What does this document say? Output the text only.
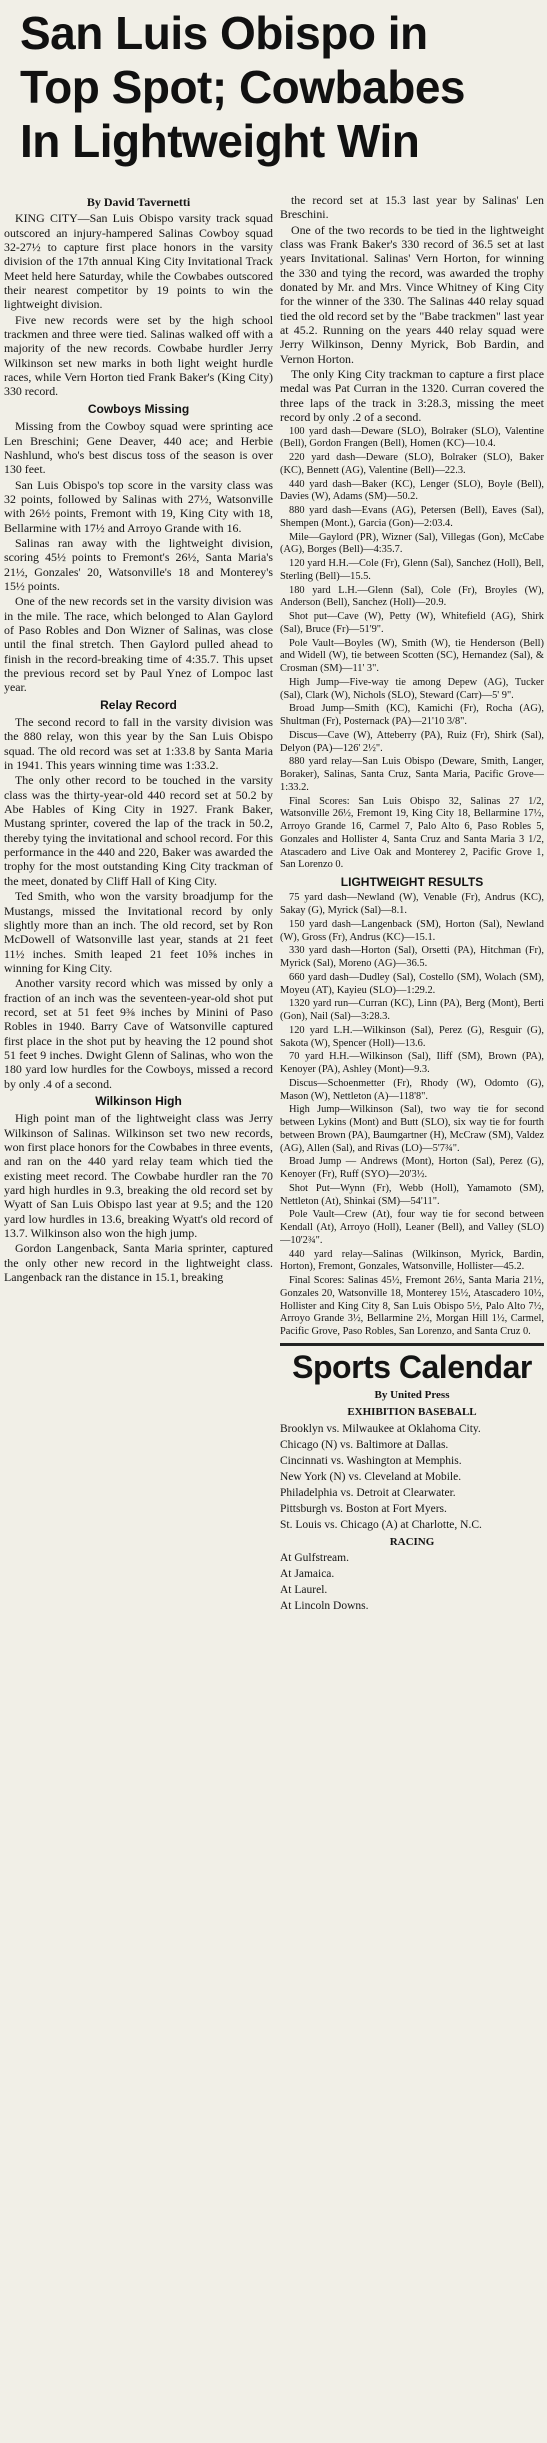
San Luis Obispo in
Top Spot; Cowbabes
In Lightweight Win
By David Tavernetti

KING CITY—San Luis Obispo varsity track squad outscored an injury-hampered Salinas Cowboy squad 32-27½ to capture first place honors in the varsity division of the 17th annual King City Invitational Track Meet held here Saturday, while the Cowbabes outscored their nearest competitor by 19 points to win the lightweight division.

Five new records were set by the high school trackmen and three were tied. Salinas walked off with a majority of the new records. Cowbabe hurdler Jerry Wilkinson set new marks in both light weight hurdle races, while Vern Horton tied Frank Baker's (King City) 330 record.

Cowboys Missing

Missing from the Cowboy squad were sprinting ace Len Breschini; Gene Deaver, 440 ace; and Herbie Nashlund, who's best discus toss of the season is over 130 feet.

San Luis Obispo's top score in the varsity class was 32 points, followed by Salinas with 27½, Watsonville with 26½ points, Fremont with 19, King City with 18, Bellarmine with 17½ and Arroyo Grande with 16.

Salinas ran away with the lightweight division, scoring 45½ points to Fremont's 26½, Santa Maria's 21½, Gonzales' 20, Watsonville's 18 and Monterey's 15½ points.

One of the new records set in the varsity division was in the mile. The race, which belonged to Alan Gaylord of Paso Robles and Don Wizner of Salinas, was close until the final stretch. Then Gaylord pulled ahead to finish in the record-breaking time of 4:35.7. This upset the previous record set by Paul Ynez of Lompoc last year.

Relay Record

The second record to fall in the varsity division was the 880 relay, won this year by the San Luis Obispo squad. The old record was set at 1:33.8 by Santa Maria in 1941. This years winning time was 1:33.2.

The only other record to be touched in the varsity class was the thirty-year-old 440 record set at 50.2 by Abe Hables of King City in 1927. Frank Baker, Mustang sprinter, covered the lap of the track in 50.2, thereby tying the invitational and school record. For this performance in the 440 and 220, Baker was awarded the trophy for the most outstanding King City trackman of the meet, donated by Cliff Hall of King City.

Ted Smith, who won the varsity broadjump for the Mustangs, missed the Invitational record by only slightly more than an inch. The old record, set by Ron McDowell of Watsonville last year, stands at 21 feet 11½ inches. Smith leaped 21 feet 10⅝ inches in winning for King City.

Another varsity record which was missed by only a fraction of an inch was the seventeen-year-old shot put record, set at 51 feet 9⅜ inches by Minini of Paso Robles in 1940. Barry Cave of Watsonville captured first place in the shot put by heaving the 12 pound shot 51 feet 9 inches. Dwight Glenn of Salinas, who won the 180 yard low hurdles for the Cowboys, missed a record by only .4 of a second.

Wilkinson High

High point man of the lightweight class was Jerry Wilkinson of Salinas. Wilkinson set two new records, won first place honors for the Cowbabes in three events, and ran on the 440 yard relay team which tied the existing meet record. The Cowbabe hurdler ran the 70 yard high hurdles in 9.3, breaking the old record set by Wyatt of San Luis Obispo last year at 9.5; and the 120 yard low hurdles in 13.6, breaking Wyatt's old record of 13.7. Wilkinson also won the high jump.

Gordon Langenback, Santa Maria sprinter, captured the only other new record in the lightweight class. Langenback ran the distance in 15.1, breaking

the record set at 15.3 last year by Salinas' Len Breschini.

One of the two records to be tied in the lightweight class was Frank Baker's 330 record of 36.5 set at last years Invitational. Salinas' Vern Horton, for winning the 330 and tying the record, was awarded the trophy donated by Mr. and Mrs. Vince Whitney of King City for the winner of the 330. The Salinas 440 relay squad tied the old record set by the "Babe trackmen" last year at 45.2. Running on the years 440 relay squad were Jerry Wilkinson, Denny Myrick, Bob Bardin, and Vernon Horton.

The only King City trackman to capture a first place medal was Pat Curran in the 1320. Curran covered the three laps of the track in 3:28.3, missing the meet record by only .2 of a second.

100 yard dash—Deware (SLO), Bolraker (SLO), Valentine (Bell), Gordon Frangen (Bell), Homen (KC)—10.4.

220 yard dash—Deware (SLO), Bolraker (SLO), Baker (KC), Bennett (AG), Valentine (Bell)—22.3.

440 yard dash—Baker (KC), Lenger (SLO), Boyle (Bell), Davies (W), Adams (SM)—50.2.

880 yard dash—Evans (AG), Petersen (Bell), Eaves (Sal), Shempen (Mont.), Garcia (Gon)—2:03.4.

Mile—Gaylord (PR), Wizner (Sal), Villegas (Gon), McCabe (AG), Borges (Bell)—4:35.7.

120 yard H.H.—Cole (Fr), Glenn (Sal), Sanchez (Holl), Bell, Sterling (Bell)—15.5.

180 yard L.H.—Glenn (Sal), Cole (Fr), Broyles (W), Anderson (Bell), Sanchez (Holl)—20.9.

Shot put—Cave (W), Petty (W), Whitefield (AG), Shirk (Sal), Bruce (Fr)—51'9".

Pole Vault—Boyles (W), Smith (W), tie Henderson (Bell) and Widell (W), tie between Scotten (SC), Hernandez (Sal), & Crosman (SM)—11' 3".

High Jump—Five-way tie among Depew (AG), Tucker (Sal), Clark (W), Nichols (SLO), Steward (Carr)—5' 9".

Broad Jump—Smith (KC), Kamichi (Fr), Rocha (AG), Shultman (Fr), Posternack (PA)—21'10 3/8".

Discus—Cave (W), Atteberry (PA), Ruiz (Fr), Shirk (Sal), Delyon (PA)—126' 2½".

880 yard relay—San Luis Obispo (Deware, Smith, Langer, Boraker), Salinas, Santa Cruz, Santa Maria, Pacific Grove—1:33.2.

Final Scores: San Luis Obispo 32, Salinas 27 1/2, Watsonville 26½, Fremont 19, King City 18, Bellarmine 17½, Arroyo Grande 16, Carmel 7, Palo Alto 6, Paso Robles 5, Gonzales and Hollister 4, Santa Cruz and Santa Maria 3 1/2, Atascadero and Live Oak and Monterey 2, Pacific Grove 1, San Lorenzo 0.

LIGHTWEIGHT RESULTS

75 yard dash—Newland (W), Venable (Fr), Andrus (KC), Sakay (G), Myrick (Sal)—8.1.

150 yard dash—Langenback (SM), Horton (Sal), Newland (W), Gross (Fr), Andrus (KC)—15.1.

330 yard dash—Horton (Sal), Orsetti (PA), Hitchman (Fr), Myrick (Sal), Moreno (AG)—36.5.

660 yard dash—Dudley (Sal), Costello (SM), Wolach (SM), Moyeu (AT), Kayieu (SLO)—1:29.2.

1320 yard run—Curran (KC), Linn (PA), Berg (Mont), Berti (Gon), Nail (Sal)—3:28.3.

120 yard L.H.—Wilkinson (Sal), Perez (G), Resguir (G), Sakota (W), Spencer (Holl)—13.6.

70 yard H.H.—Wilkinson (Sal), Iliff (SM), Brown (PA), Kenoyer (PA), Ashley (Mont)—9.3.

Discus—Schoenmetter (Fr), Rhody (W), Odomto (G), Mason (W), Nettleton (A)—118'8".

High Jump—Wilkinson (Sal), two way tie for second between Lykins (Mont) and Butt (SLO), six way tie for fourth between Brown (PA), Baumgartner (H), McCraw (SM), Valdez (AG), Allen (Sal), and Rivas (LO)—5'7¾".

Broad Jump — Andrews (Mont), Horton (Sal), Perez (G), Kenoyer (Fr), Ruff (SYO)—20'3½.

Shot Put—Wynn (Fr), Webb (Holl), Yamamoto (SM), Nettleton (At), Shinkai (SM)—54'11".

Pole Vault—Crew (At), four way tie for second between Kendall (At), Arroyo (Holl), Leaner (Bell), and Valley (SLO)—10'2¾".

440 yard relay—Salinas (Wilkinson, Myrick, Bardin, Horton), Fremont, Gonzales, Watsonville, Hollister—45.2.

Final Scores: Salinas 45½, Fremont 26½, Santa Maria 21½, Gonzales 20, Watsonville 18, Monterey 15½, Atascadero 10½, Hollister and King City 8, San Luis Obispo 5½, Palo Alto 7½, Arroyo Grande 3½, Bellarmine 2½, Morgan Hill 1½, Carmel, Pacific Grove, Paso Robles, San Lorenzo, and Santa Cruz 0.

Sports Calendar
By United Press
EXHIBITION BASEBALL

Brooklyn vs. Milwaukee at Oklahoma City.

Chicago (N) vs. Baltimore at Dallas.

Cincinnati vs. Washington at Memphis.

New York (N) vs. Cleveland at Mobile.

Philadelphia vs. Detroit at Clearwater.

Pittsburgh vs. Boston at Fort Myers.

St. Louis vs. Chicago (A) at Charlotte, N.C.

RACING

At Gulfstream.

At Jamaica.

At Laurel.

At Lincoln Downs.
